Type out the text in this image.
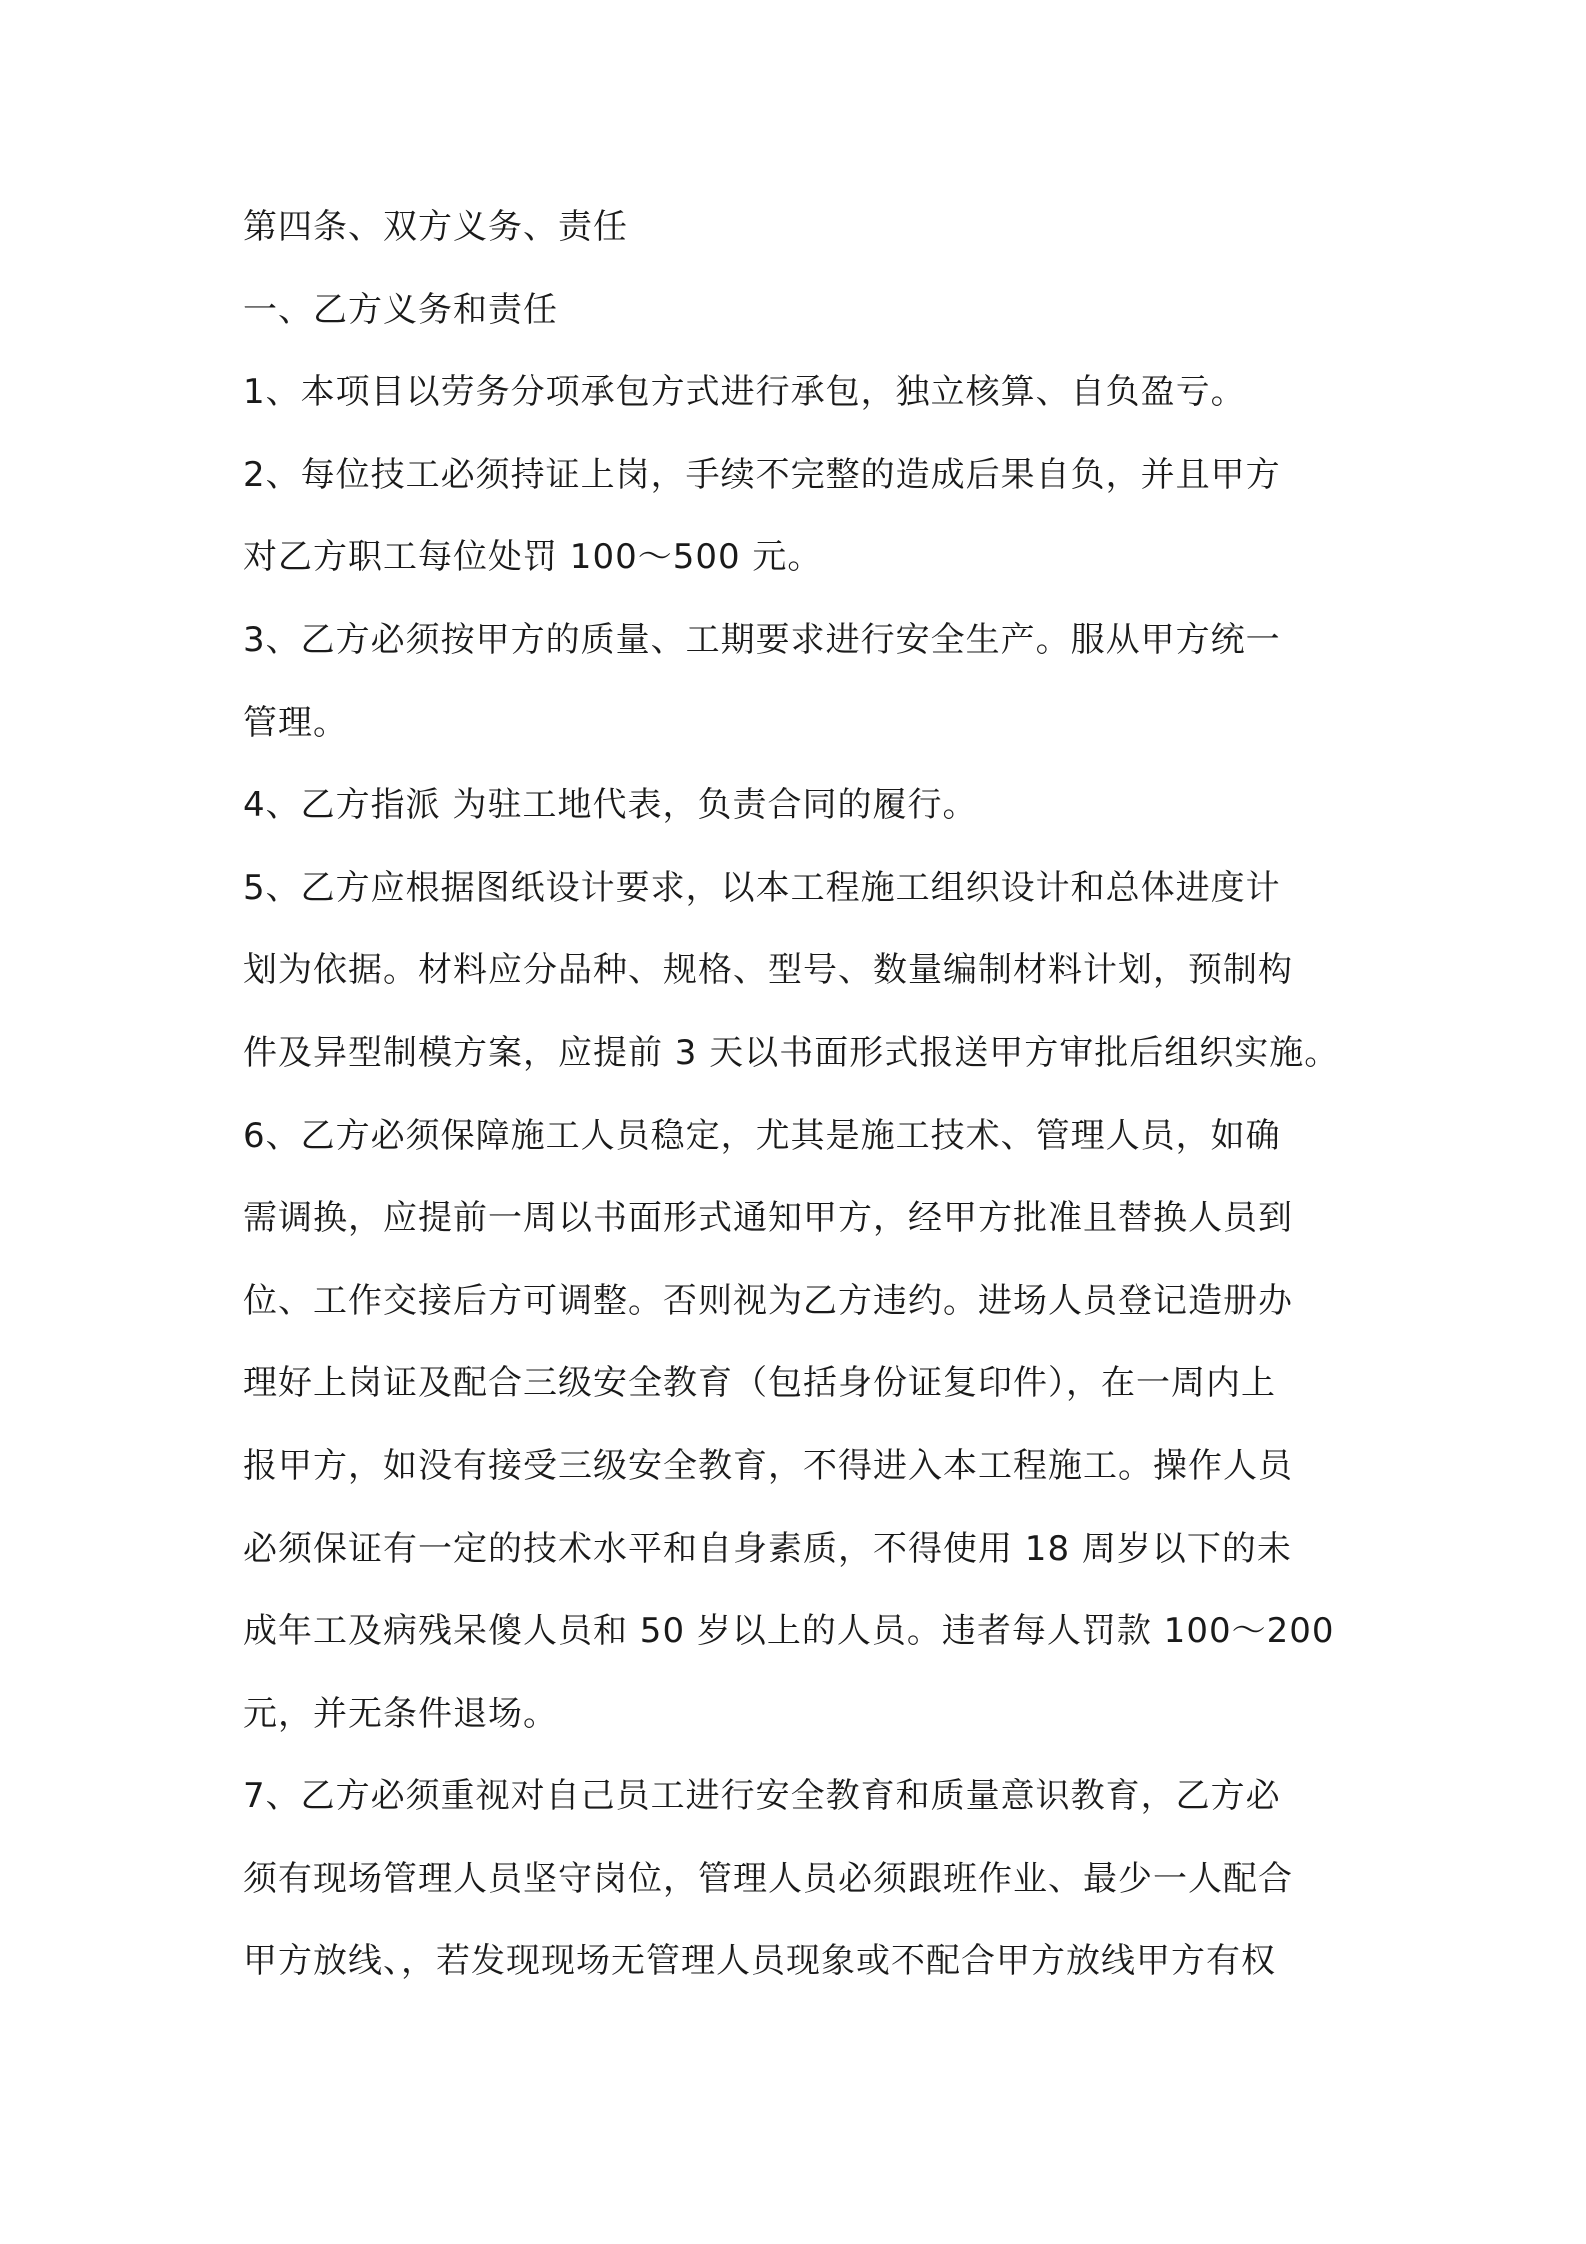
第四条、双方义务、责任
一、乙方义务和责任
1、本项目以劳务分项承包方式进行承包，独立核算、自负盈亏。
2、每位技工必须持证上岗，手续不完整的造成后果自负，并且甲方
对乙方职工每位处罚 100～500 元。
3、乙方必须按甲方的质量、工期要求进行安全生产。服从甲方统一
管理。
4、乙方指派 为驻工地代表，负责合同的履行。
5、乙方应根据图纸设计要求，以本工程施工组织设计和总体进度计
划为依据。材料应分品种、规格、型号、数量编制材料计划，预制构
件及异型制模方案，应提前 3 天以书面形式报送甲方审批后组织实施。
6、乙方必须保障施工人员稳定，尤其是施工技术、管理人员，如确
需调换，应提前一周以书面形式通知甲方，经甲方批准且替换人员到
位、工作交接后方可调整。否则视为乙方违约。进场人员登记造册办
理好上岗证及配合三级安全教育（包括身份证复印件），在一周内上
报甲方，如没有接受三级安全教育，不得进入本工程施工。操作人员
必须保证有一定的技术水平和自身素质，不得使用 18 周岁以下的未
成年工及病残呆傻人员和 50 岁以上的人员。违者每人罚款 100～200
元，并无条件退场。
7、乙方必须重视对自己员工进行安全教育和质量意识教育，乙方必
须有现场管理人员坚守岗位，管理人员必须跟班作业、最少一人配合
甲方放线、，若发现现场无管理人员现象或不配合甲方放线甲方有权
